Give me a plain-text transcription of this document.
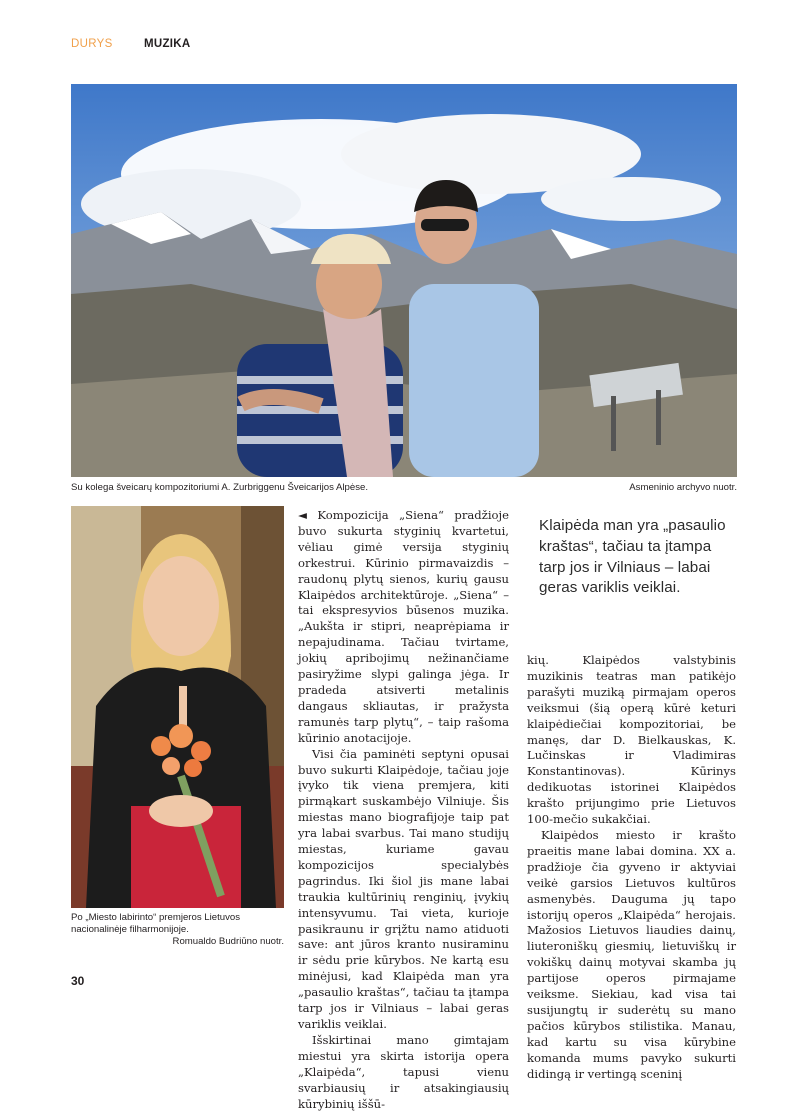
DURYS	MUZIKA
Su kolega šveicarų kompozitoriumi A. Zurbriggenu Šveicarijos Alpėse.	Asmeninio archyvo nuotr.
Po „Miesto labirinto“ premjeros Lietuvos nacionalinėje filharmonijoje.
Romualdo Budriūno nuotr.

◄ Kompozicija „Siena“ pradžioje buvo sukurta styginių kvartetui, vėliau gimė versija styginių orkestrui. Kūrinio pirmavaizdis – raudonų plytų sienos, kurių gausu Klaipėdos architektūroje. „Siena“ – tai ekspresyvios būsenos muzika. „Aukšta ir stipri, neaprėpiama ir nepajudinama. Tačiau tvirtame, jokių apribojimų nežinančiame pasiryžime slypi galinga jėga. Ir pradeda atsiverti metalinis dangaus skliautas, ir pražysta ramunės tarp plytų“, – taip rašoma kūrinio anotacijoje.

Visi čia paminėti septyni opusai buvo sukurti Klaipėdoje, tačiau joje įvyko tik viena premjera, kiti pirmąkart suskambėjo Vilniuje. Šis miestas mano biografijoje taip pat yra labai svarbus. Tai mano studijų miestas, kuriame gavau kompozicijos specialybės pagrindus. Iki šiol jis mane labai traukia kultūrinių renginių, įvykių intensyvumu. Tai vieta, kurioje pasikraunu ir grįžtu namo atiduoti save: ant jūros kranto nusiraminu ir sėdu prie kūrybos. Ne kartą esu minėjusi, kad Klaipėda man yra „pasaulio kraštas“, tačiau ta įtampa tarp jos ir Vilniaus – labai geras variklis veiklai.

Išskirtinai mano gimtajam miestui yra skirta istorija opera „Klaipėda“, tapusi vienu svarbiausių ir atsakingiausių kūrybinių iššū-

Klaipėda man yra „pasaulio kraštas“, tačiau ta įtampa tarp jos ir Vilniaus – labai geras variklis veiklai.

kių. Klaipėdos valstybinis muzikinis teatras man patikėjo parašyti muziką pirmajam operos veiksmui (šią operą kūrė keturi klaipėdiečiai kompozitoriai, be manęs, dar D. Bielkauskas, K. Lučinskas ir Vladimiras Konstantinovas). Kūrinys dedikuotas istorinei Klaipėdos krašto prijungimo prie Lietuvos 100-mečio sukakčiai.

Klaipėdos miesto ir krašto praeitis mane labai domina. XX a. pradžioje čia gyveno ir aktyviai veikė garsios Lietuvos kultūros asmenybės. Dauguma jų tapo istorijų operos „Klaipėda“ herojais. Mažosios Lietuvos liaudies dainų, liuteroniškų giesmių, lietuviškų ir vokiškų dainų motyvai skamba jų partijose operos pirmajame veiksme. Siekiau, kad visa tai susijungtų ir suderėtų su mano pačios kūrybos stilistika. Manau, kad kartu su visa kūrybine komanda mums pavyko sukurti didingą ir vertingą sceninį

30
